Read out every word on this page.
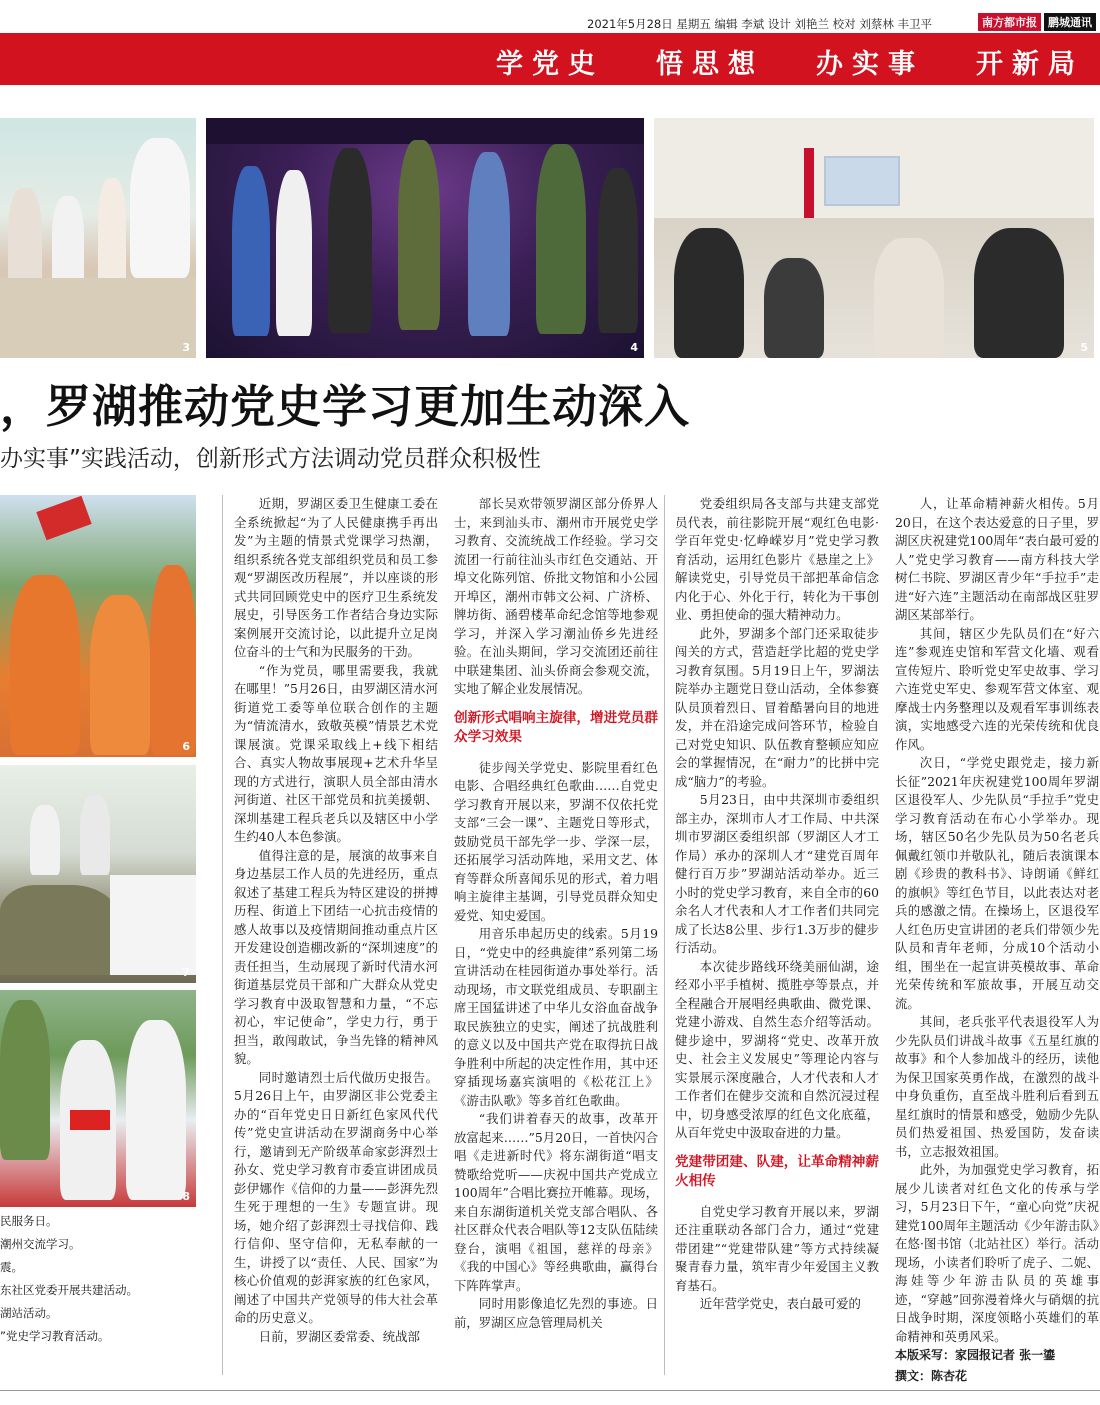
2021年5月28日 星期五 编辑 李斌 设计 刘艳兰 校对 刘蔡林 丰卫平	南方都市报	鹏城通讯
学党史 悟思想 办实事 开新局
3	4	5
，罗湖推动党史学习更加生动深入
办实事”实践活动，创新形式方法调动党员群众积极性
6
7
8
民服务日。
潮州交流学习。
震。
东社区党委开展共建活动。
湖站活动。
”党史学习教育活动。

近期，罗湖区委卫生健康工委在全系统掀起“为了人民健康携手再出发”为主题的情景式党课学习热潮，组织系统各党支部组织党员和员工参观“罗湖医改历程展”，并以座谈的形式共同回顾党史中的医疗卫生系统发展史，引导医务工作者结合身边实际案例展开交流讨论，以此提升立足岗位奋斗的士气和为民服务的干劲。

“作为党员，哪里需要我，我就在哪里！”5月26日，由罗湖区清水河街道党工委等单位联合创作的主题为“情流清水，致敬英模”情景艺术党课展演。党课采取线上+线下相结合、真实人物故事展现+艺术升华呈现的方式进行，演职人员全部由清水河街道、社区干部党员和抗美援朝、深圳基建工程兵老兵以及辖区中小学生约40人本色参演。

值得注意的是，展演的故事来自身边基层工作人员的先进经历，重点叙述了基建工程兵为特区建设的拼搏历程、街道上下团结一心抗击疫情的感人故事以及疫情期间推动重点片区开发建设创造棚改新的“深圳速度”的责任担当，生动展现了新时代清水河街道基层党员干部和广大群众从党史学习教育中汲取智慧和力量，“不忘初心，牢记使命”，学史力行，勇于担当，敢闯敢试，争当先锋的精神风貌。

同时邀请烈士后代做历史报告。5月26日上午，由罗湖区非公党委主办的“百年党史日日新红色家风代代传”党史宣讲活动在罗湖商务中心举行，邀请到无产阶级革命家彭湃烈士孙女、党史学习教育市委宣讲团成员彭伊娜作《信仰的力量——彭湃先烈生死于理想的一生》专题宣讲。现场，她介绍了彭湃烈士寻找信仰、践行信仰、坚守信仰，无私奉献的一生，讲授了以“责任、人民、国家”为核心价值观的彭湃家族的红色家风，阐述了中国共产党领导的伟大社会革命的历史意义。

日前，罗湖区委常委、统战部

部长吴欢带领罗湖区部分侨界人士，来到汕头市、潮州市开展党史学习教育、交流统战工作经验。学习交流团一行前往汕头市红色交通站、开埠文化陈列馆、侨批文物馆和小公园开埠区，潮州市韩文公祠、广济桥、牌坊街、涵碧楼革命纪念馆等地参观学习，并深入学习潮汕侨乡先进经验。在汕头期间，学习交流团还前往中联建集团、汕头侨商会参观交流，实地了解企业发展情况。

创新形式唱响主旋律，增进党员群众学习效果

徒步闯关学党史、影院里看红色电影、合唱经典红色歌曲……自党史学习教育开展以来，罗湖不仅依托党支部“三会一课”、主题党日等形式，鼓励党员干部先学一步、学深一层，还拓展学习活动阵地，采用文艺、体育等群众所喜闻乐见的形式，着力唱响主旋律主基调，引导党员群众知史爱党、知史爱国。

用音乐串起历史的线索。5月19日，“党史中的经典旋律”系列第二场宣讲活动在桂园街道办事处举行。活动现场，市文联党组成员、专职副主席王国猛讲述了中华儿女浴血奋战争取民族独立的史实，阐述了抗战胜利的意义以及中国共产党在取得抗日战争胜利中所起的决定性作用，其中还穿插现场嘉宾演唱的《松花江上》《游击队歌》等多首红色歌曲。

“我们讲着春天的故事，改革开放富起来……”5月20日，一首快闪合唱《走进新时代》将东湖街道“唱支赞歌给党听——庆祝中国共产党成立100周年”合唱比赛拉开帷幕。现场，来自东湖街道机关党支部合唱队、各社区群众代表合唱队等12支队伍陆续登台，演唱《祖国，慈祥的母亲》《我的中国心》等经典歌曲，赢得台下阵阵掌声。

同时用影像追忆先烈的事迹。日前，罗湖区应急管理局机关

党委组织局各支部与共建支部党员代表，前往影院开展“观红色电影·学百年党史·忆峥嵘岁月”党史学习教育活动，运用红色影片《悬崖之上》解读党史，引导党员干部把革命信念内化于心、外化于行，转化为干事创业、勇担使命的强大精神动力。

此外，罗湖多个部门还采取徒步闯关的方式，营造赶学比超的党史学习教育氛围。5月19日上午，罗湖法院举办主题党日登山活动，全体参赛队员顶着烈日、冒着酷暑向目的地进发，并在沿途完成问答环节，检验自己对党史知识、队伍教育整顿应知应会的掌握情况，在“耐力”的比拼中完成“脑力”的考验。

5月23日，由中共深圳市委组织部主办，深圳市人才工作局、中共深圳市罗湖区委组织部（罗湖区人才工作局）承办的深圳人才“建党百周年 健行百万步”罗湖站活动举办。近三小时的党史学习教育，来自全市的60余名人才代表和人才工作者们共同完成了长达8公里、步行1.3万步的健步行活动。

本次徒步路线环绕美丽仙湖，途经邓小平手植树、揽胜亭等景点，并全程融合开展唱经典歌曲、微党课、党建小游戏、自然生态介绍等活动。健步途中，罗湖将“党史、改革开放史、社会主义发展史”等理论内容与实景展示深度融合，人才代表和人才工作者们在健步交流和自然沉浸过程中，切身感受浓厚的红色文化底蕴，从百年党史中汲取奋进的力量。

党建带团建、队建，让革命精神薪火相传

自党史学习教育开展以来，罗湖还注重联动各部门合力，通过“党建带团建”“党建带队建”等方式持续凝聚青春力量，筑牢青少年爱国主义教育基石。

近年营学党史，表白最可爱的

人，让革命精神薪火相传。5月20日，在这个表达爱意的日子里，罗湖区庆祝建党100周年“表白最可爱的人”党史学习教育——南方科技大学树仁书院、罗湖区青少年“手拉手”走进“好六连”主题活动在南部战区驻罗湖区某部举行。

其间，辖区少先队员们在“好六连”参观连史馆和军营文化墙、观看宣传短片、聆听党史军史故事、学习六连党史军史、参观军营文体室、观摩战士内务整理以及观看军事训练表演，实地感受六连的光荣传统和优良作风。

次日，“学党史跟党走，接力新长征”2021年庆祝建党100周年罗湖区退役军人、少先队员“手拉手”党史学习教育活动在布心小学举办。现场，辖区50名少先队员为50名老兵佩戴红领巾并敬队礼，随后表演课本剧《珍贵的教科书》、诗朗诵《鲜红的旗帜》等红色节目，以此表达对老兵的感激之情。在操场上，区退役军人红色历史宣讲团的老兵们带领少先队员和青年老师，分成10个活动小组，围坐在一起宣讲英模故事、革命光荣传统和军旅故事，开展互动交流。

其间，老兵张平代表退役军人为少先队员们讲战斗故事《五星红旗的故事》和个人参加战斗的经历，读他为保卫国家英勇作战，在激烈的战斗中身负重伤，直至战斗胜利后看到五星红旗时的情景和感受，勉励少先队员们热爱祖国、热爱国防，发奋读书，立志报效祖国。

此外，为加强党史学习教育，拓展少儿读者对红色文化的传承与学习，5月23日下午，“童心向党”庆祝建党100周年主题活动《少年游击队》在悠·图书馆（北站社区）举行。活动现场，小读者们聆听了虎子、二妮、海娃等少年游击队员的英雄事迹，“穿越”回弥漫着烽火与硝烟的抗日战争时期，深度领略小英雄们的革命精神和英勇风采。

本版采写：家园报记者 张一鎏

撰文：陈杏花
